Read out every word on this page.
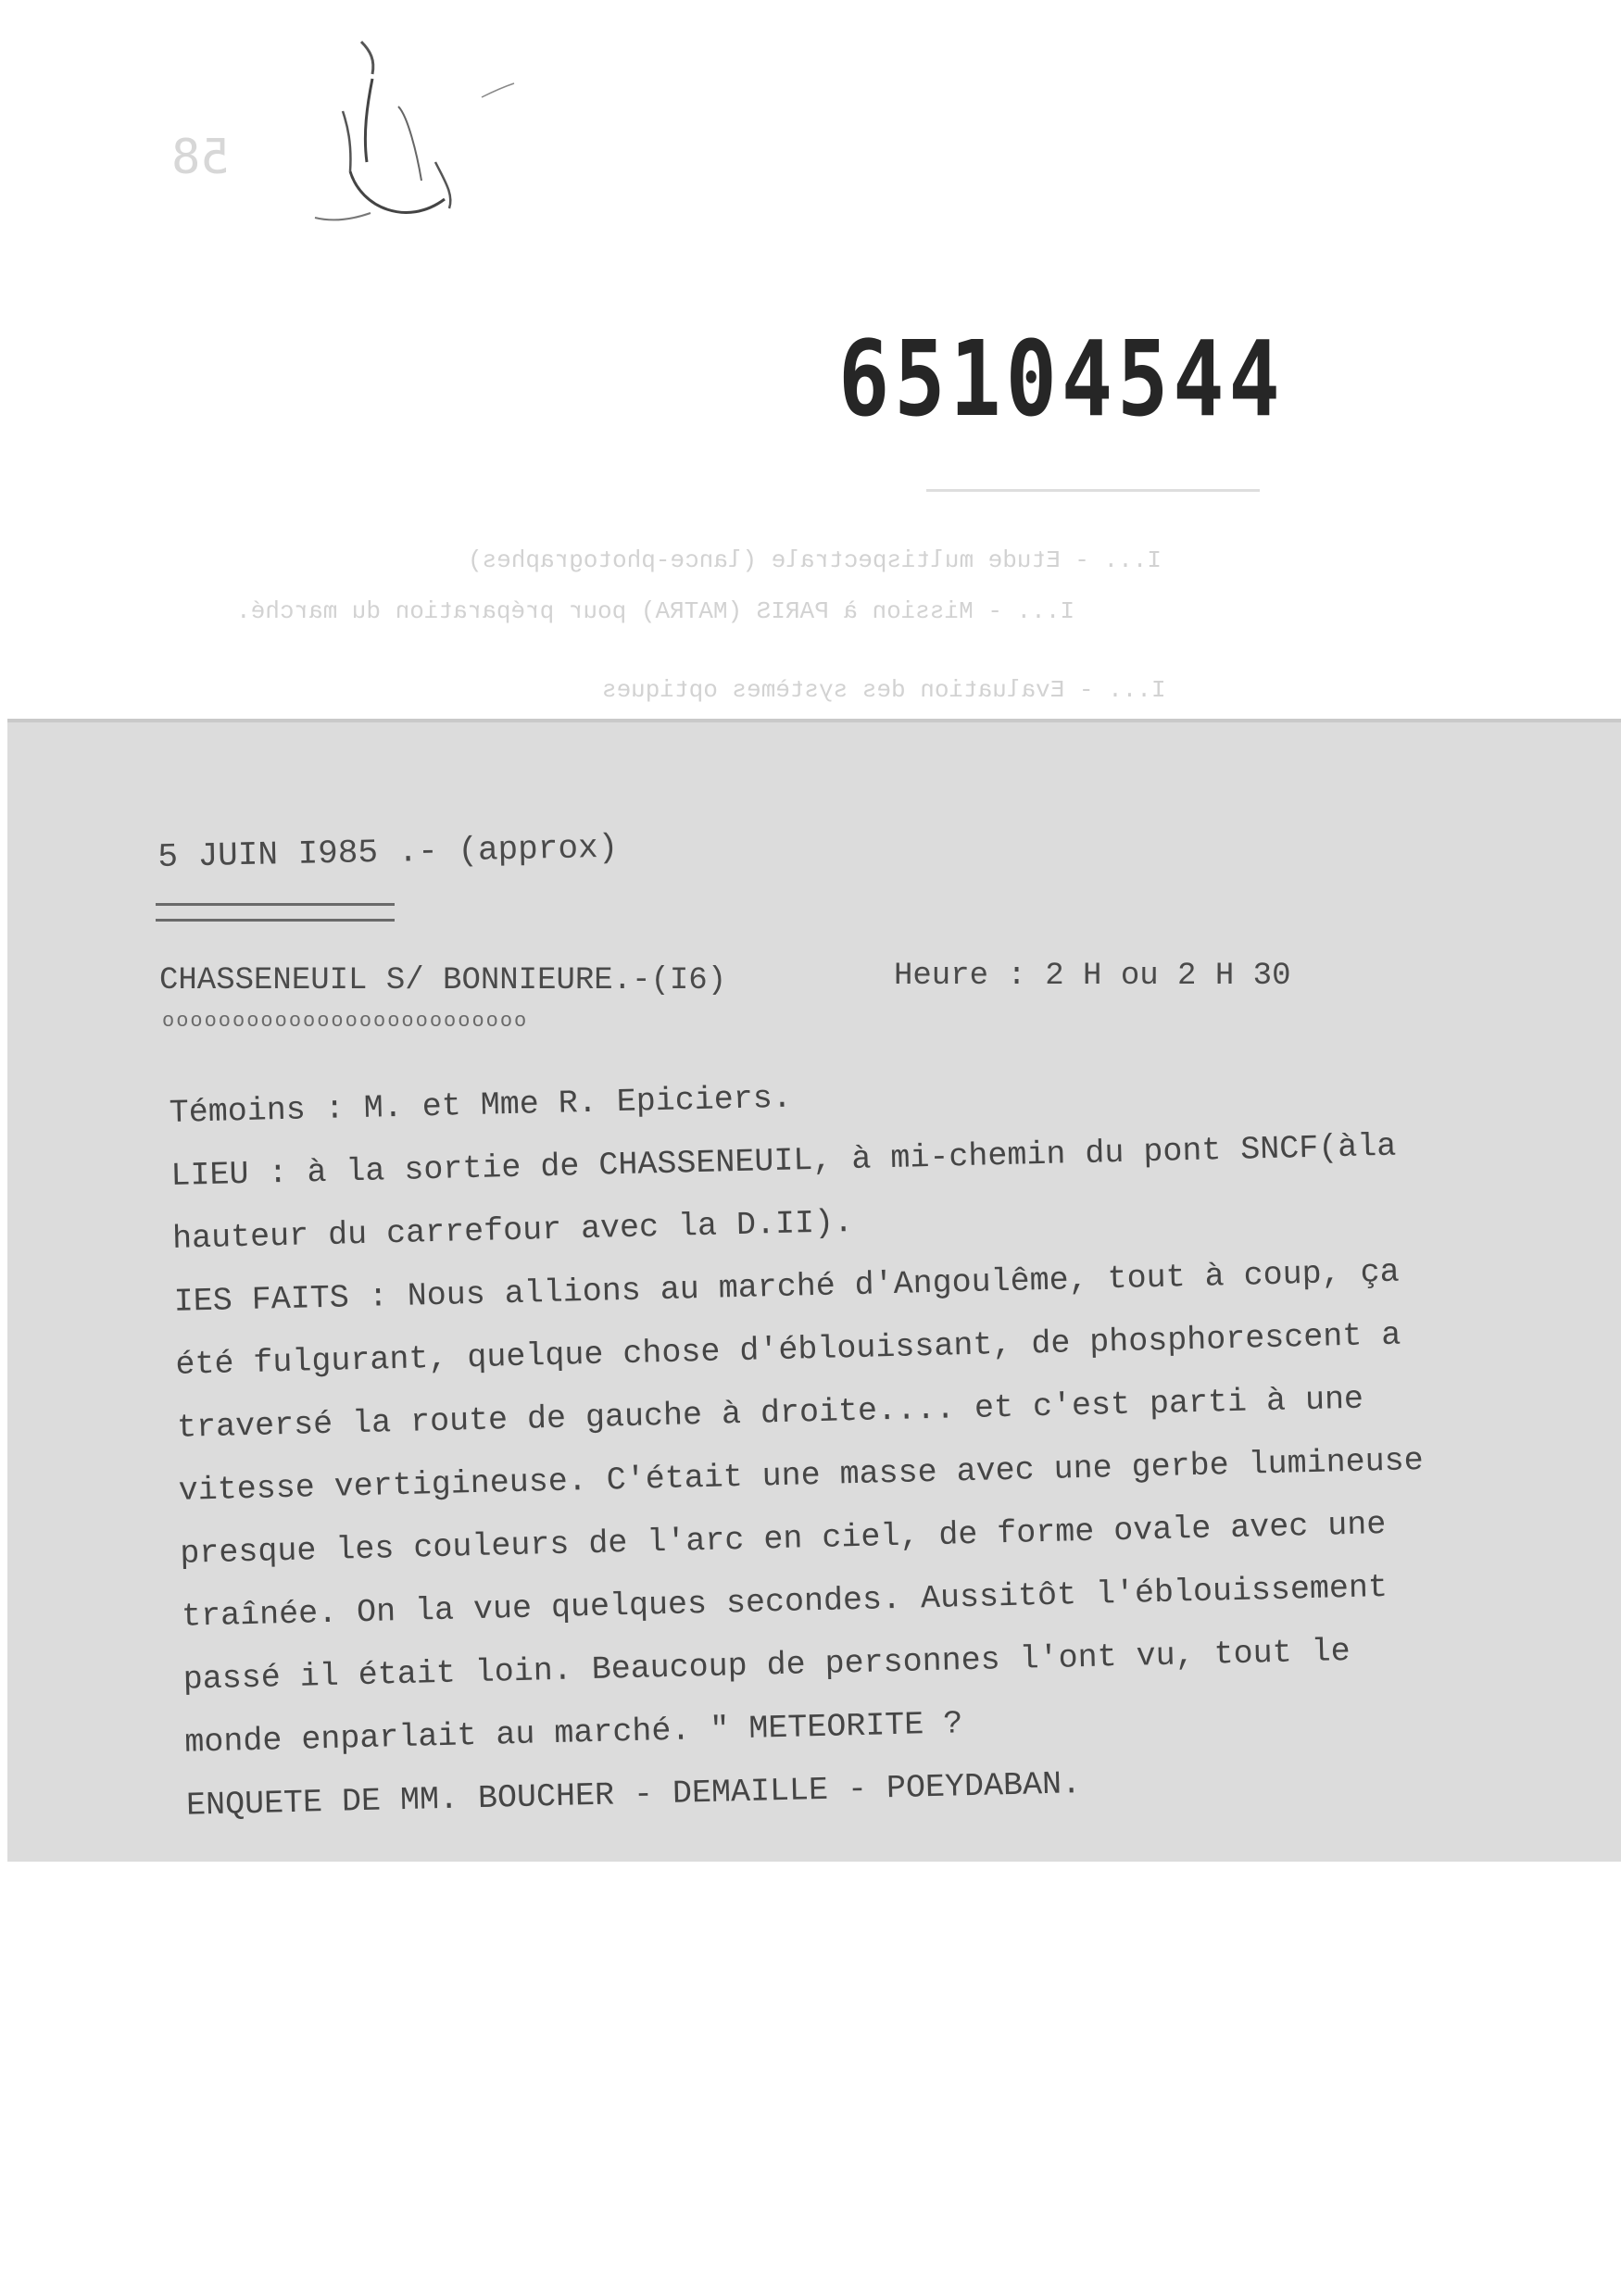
58
65104544
I... - Etude multispectrale (lance-photographes)
I... - Mission à PARIS (MATRA) pour préparation du marché.
I... - Evaluation des systèmes optiques
5 JUIN I985 .- (approx)
CHASSENEUIL S/ BONNIEURE.-(I6)	Heure : 2 H ou 2 H 30
oooooooooooooooooooooooooo
Témoins : M. et Mme R. Epiciers.
LIEU : à la sortie de CHASSENEUIL, à mi-chemin du pont SNCF(àla
hauteur du carrefour avec la D.II).
IES FAITS : Nous allions au marché d'Angoulême, tout à coup, ça
été fulgurant, quelque chose d'éblouissant, de phosphorescent a
traversé la route de gauche à droite.... et c'est parti à une
vitesse vertigineuse. C'était une masse avec une gerbe lumineuse
presque les couleurs de l'arc en ciel, de forme ovale avec une
traînée. On la vue quelques secondes. Aussitôt l'éblouissement
passé il était loin. Beaucoup de personnes l'ont vu, tout le
monde enparlait au marché. " METEORITE ?
ENQUETE DE MM. BOUCHER - DEMAILLE - POEYDABAN.
